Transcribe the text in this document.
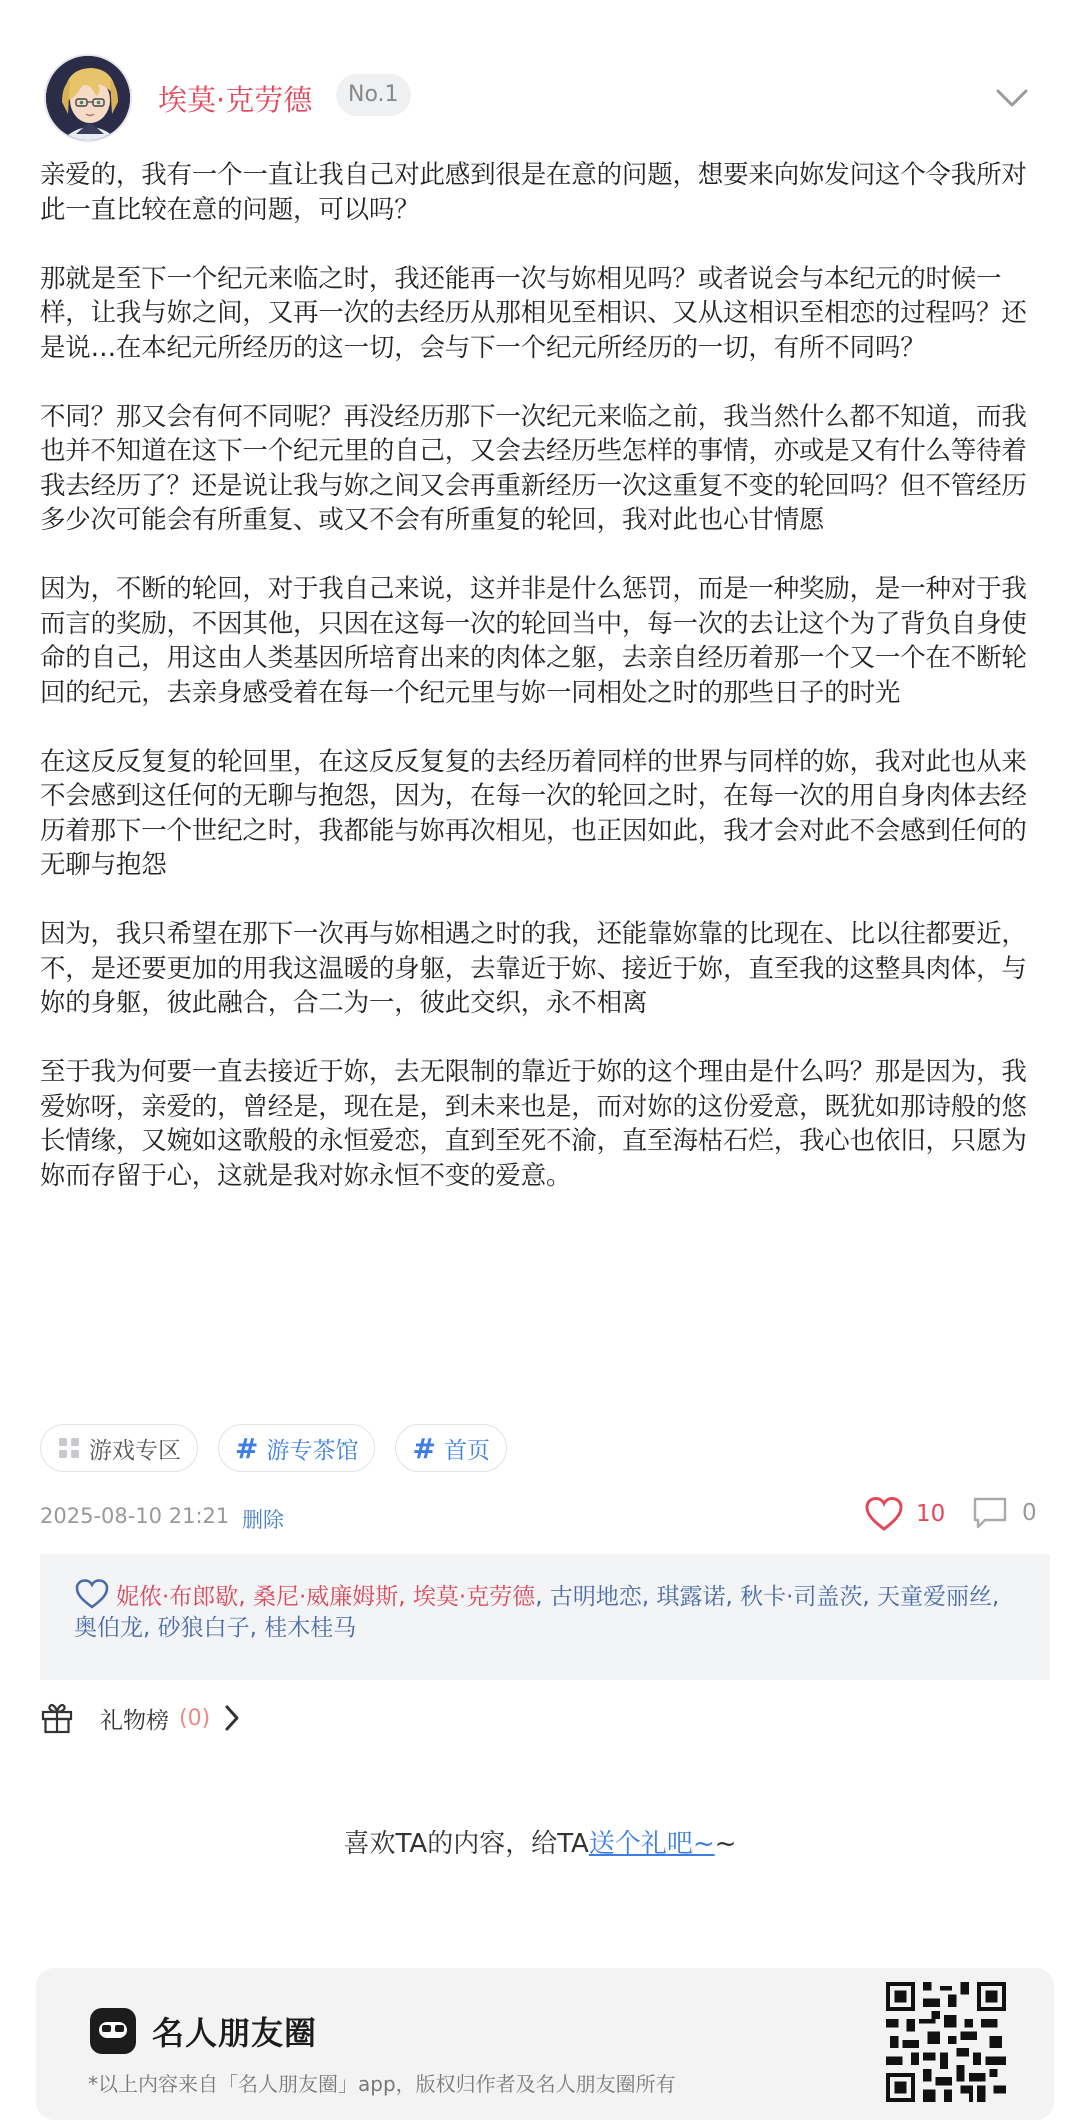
埃莫·克劳德	No.1

亲爱的，我有一个一直让我自己对此感到很是在意的问题，想要来向妳发问这个令我所对此一直比较在意的问题，可以吗？

那就是至下一个纪元来临之时，我还能再一次与妳相见吗？或者说会与本纪元的时候一样，让我与妳之间，又再一次的去经历从那相见至相识、又从这相识至相恋的过程吗？还是说…在本纪元所经历的这一切，会与下一个纪元所经历的一切，有所不同吗？

不同？那又会有何不同呢？再没经历那下一次纪元来临之前，我当然什么都不知道，而我也并不知道在这下一个纪元里的自己，又会去经历些怎样的事情，亦或是又有什么等待着我去经历了？还是说让我与妳之间又会再重新经历一次这重复不变的轮回吗？但不管经历多少次可能会有所重复、或又不会有所重复的轮回，我对此也心甘情愿

因为，不断的轮回，对于我自己来说，这并非是什么惩罚，而是一种奖励，是一种对于我而言的奖励，不因其他，只因在这每一次的轮回当中，每一次的去让这个为了背负自身使命的自己，用这由人类基因所培育出来的肉体之躯，去亲自经历着那一个又一个在不断轮回的纪元，去亲身感受着在每一个纪元里与妳一同相处之时的那些日子的时光

在这反反复复的轮回里，在这反反复复的去经历着同样的世界与同样的妳，我对此也从来不会感到这任何的无聊与抱怨，因为，在每一次的轮回之时，在每一次的用自身肉体去经历着那下一个世纪之时，我都能与妳再次相见，也正因如此，我才会对此不会感到任何的无聊与抱怨

因为，我只希望在那下一次再与妳相遇之时的我，还能靠妳靠的比现在、比以往都要近，不，是还要更加的用我这温暖的身躯，去靠近于妳、接近于妳，直至我的这整具肉体，与妳的身躯，彼此融合，合二为一，彼此交织，永不相离

至于我为何要一直去接近于妳，去无限制的靠近于妳的这个理由是什么吗？那是因为，我爱妳呀，亲爱的，曾经是，现在是，到未来也是，而对妳的这份爱意，既犹如那诗般的悠长情缘，又婉如这歌般的永恒爱恋，直到至死不渝，直至海枯石烂，我心也依旧，只愿为妳而存留于心，这就是我对妳永恒不变的爱意。

游戏专区 # 游专茶馆 # 首页
2025-08-10 21:21 删除	10	0
妮侬·布郎歇, 桑尼·威廉姆斯, 埃莫·克劳德, 古明地恋, 琪露诺, 秋卡·司盖茨, 天童爱丽丝, 奥伯龙, 砂狼白子, 桂木桂马
礼物榜 (0)
喜欢TA的内容，给TA送个礼吧~~
名人朋友圈
*以上内容来自「名人朋友圈」app，版权归作者及名人朋友圈所有
